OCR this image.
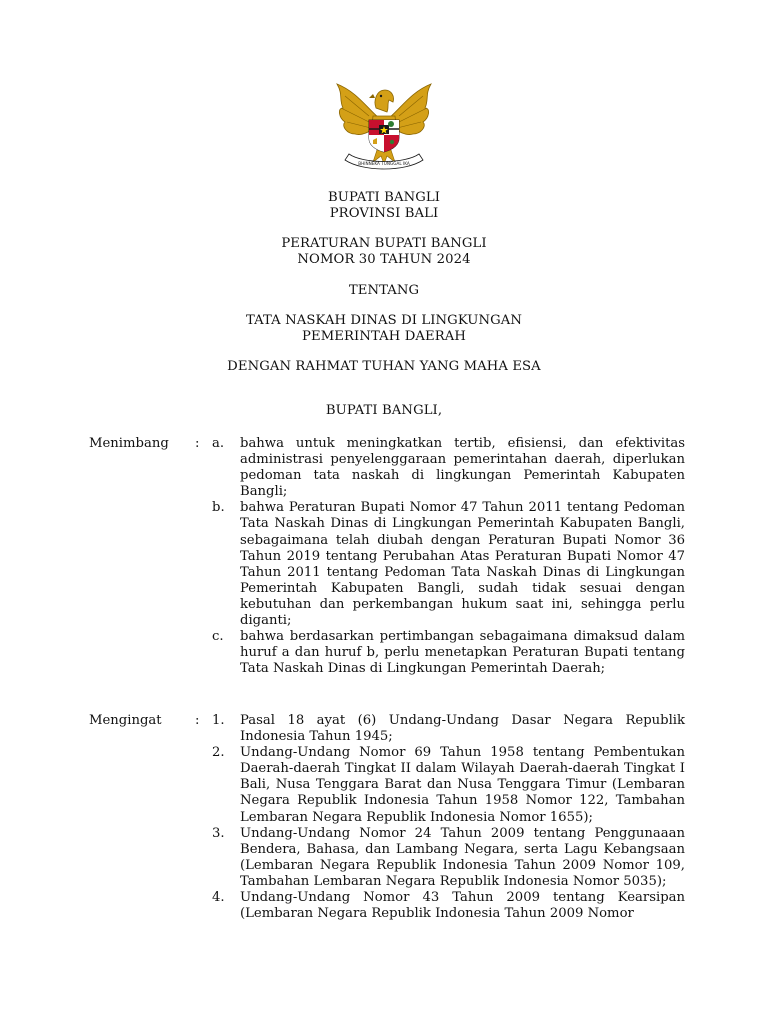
BHINNEKA TUNGGAL IKA
BUPATI BANGLI
PROVINSI BALI
PERATURAN BUPATI BANGLI
NOMOR 30 TAHUN 2024
TENTANG
TATA NASKAH DINAS DI LINGKUNGAN
PEMERINTAH DAERAH
DENGAN RAHMAT TUHAN YANG MAHA ESA
BUPATI BANGLI,
Menimbang : a.	bahwa untuk meningkatkan tertib, efisiensi, dan efektivitas administrasi penyelenggaraan pemerintahan daerah, diperlukan pedoman tata naskah di lingkungan Pemerintah Kabupaten Bangli;
b.	bahwa Peraturan Bupati Nomor 47 Tahun 2011 tentang Pedoman Tata Naskah Dinas di Lingkungan Pemerintah Kabupaten Bangli, sebagaimana telah diubah dengan Peraturan Bupati Nomor 36 Tahun 2019 tentang Perubahan Atas Peraturan Bupati Nomor 47 Tahun 2011 tentang Pedoman Tata Naskah Dinas di Lingkungan Pemerintah Kabupaten Bangli, sudah tidak sesuai dengan kebutuhan dan perkembangan hukum saat ini, sehingga perlu diganti;
c.	bahwa berdasarkan pertimbangan sebagaimana dimaksud dalam huruf a dan huruf b, perlu menetapkan Peraturan Bupati tentang Tata Naskah Dinas di Lingkungan Pemerintah Daerah;
Mengingat	: 1.	Pasal 18 ayat (6) Undang-Undang Dasar Negara Republik Indonesia Tahun 1945;
2.	Undang-Undang Nomor 69 Tahun 1958 tentang Pembentukan Daerah-daerah Tingkat II dalam Wilayah Daerah-daerah Tingkat I Bali, Nusa Tenggara Barat dan Nusa Tenggara Timur (Lembaran Negara Republik Indonesia Tahun 1958 Nomor 122, Tambahan Lembaran Negara Republik Indonesia Nomor 1655);
3.	Undang-Undang Nomor 24 Tahun 2009 tentang Penggunaaan Bendera, Bahasa, dan Lambang Negara, serta Lagu Kebangsaan (Lembaran Negara Republik Indonesia Tahun 2009 Nomor 109, Tambahan Lembaran Negara Republik Indonesia Nomor 5035);
4.	Undang-Undang Nomor 43 Tahun 2009 tentang Kearsipan (Lembaran Negara Republik Indonesia Tahun 2009 Nomor
